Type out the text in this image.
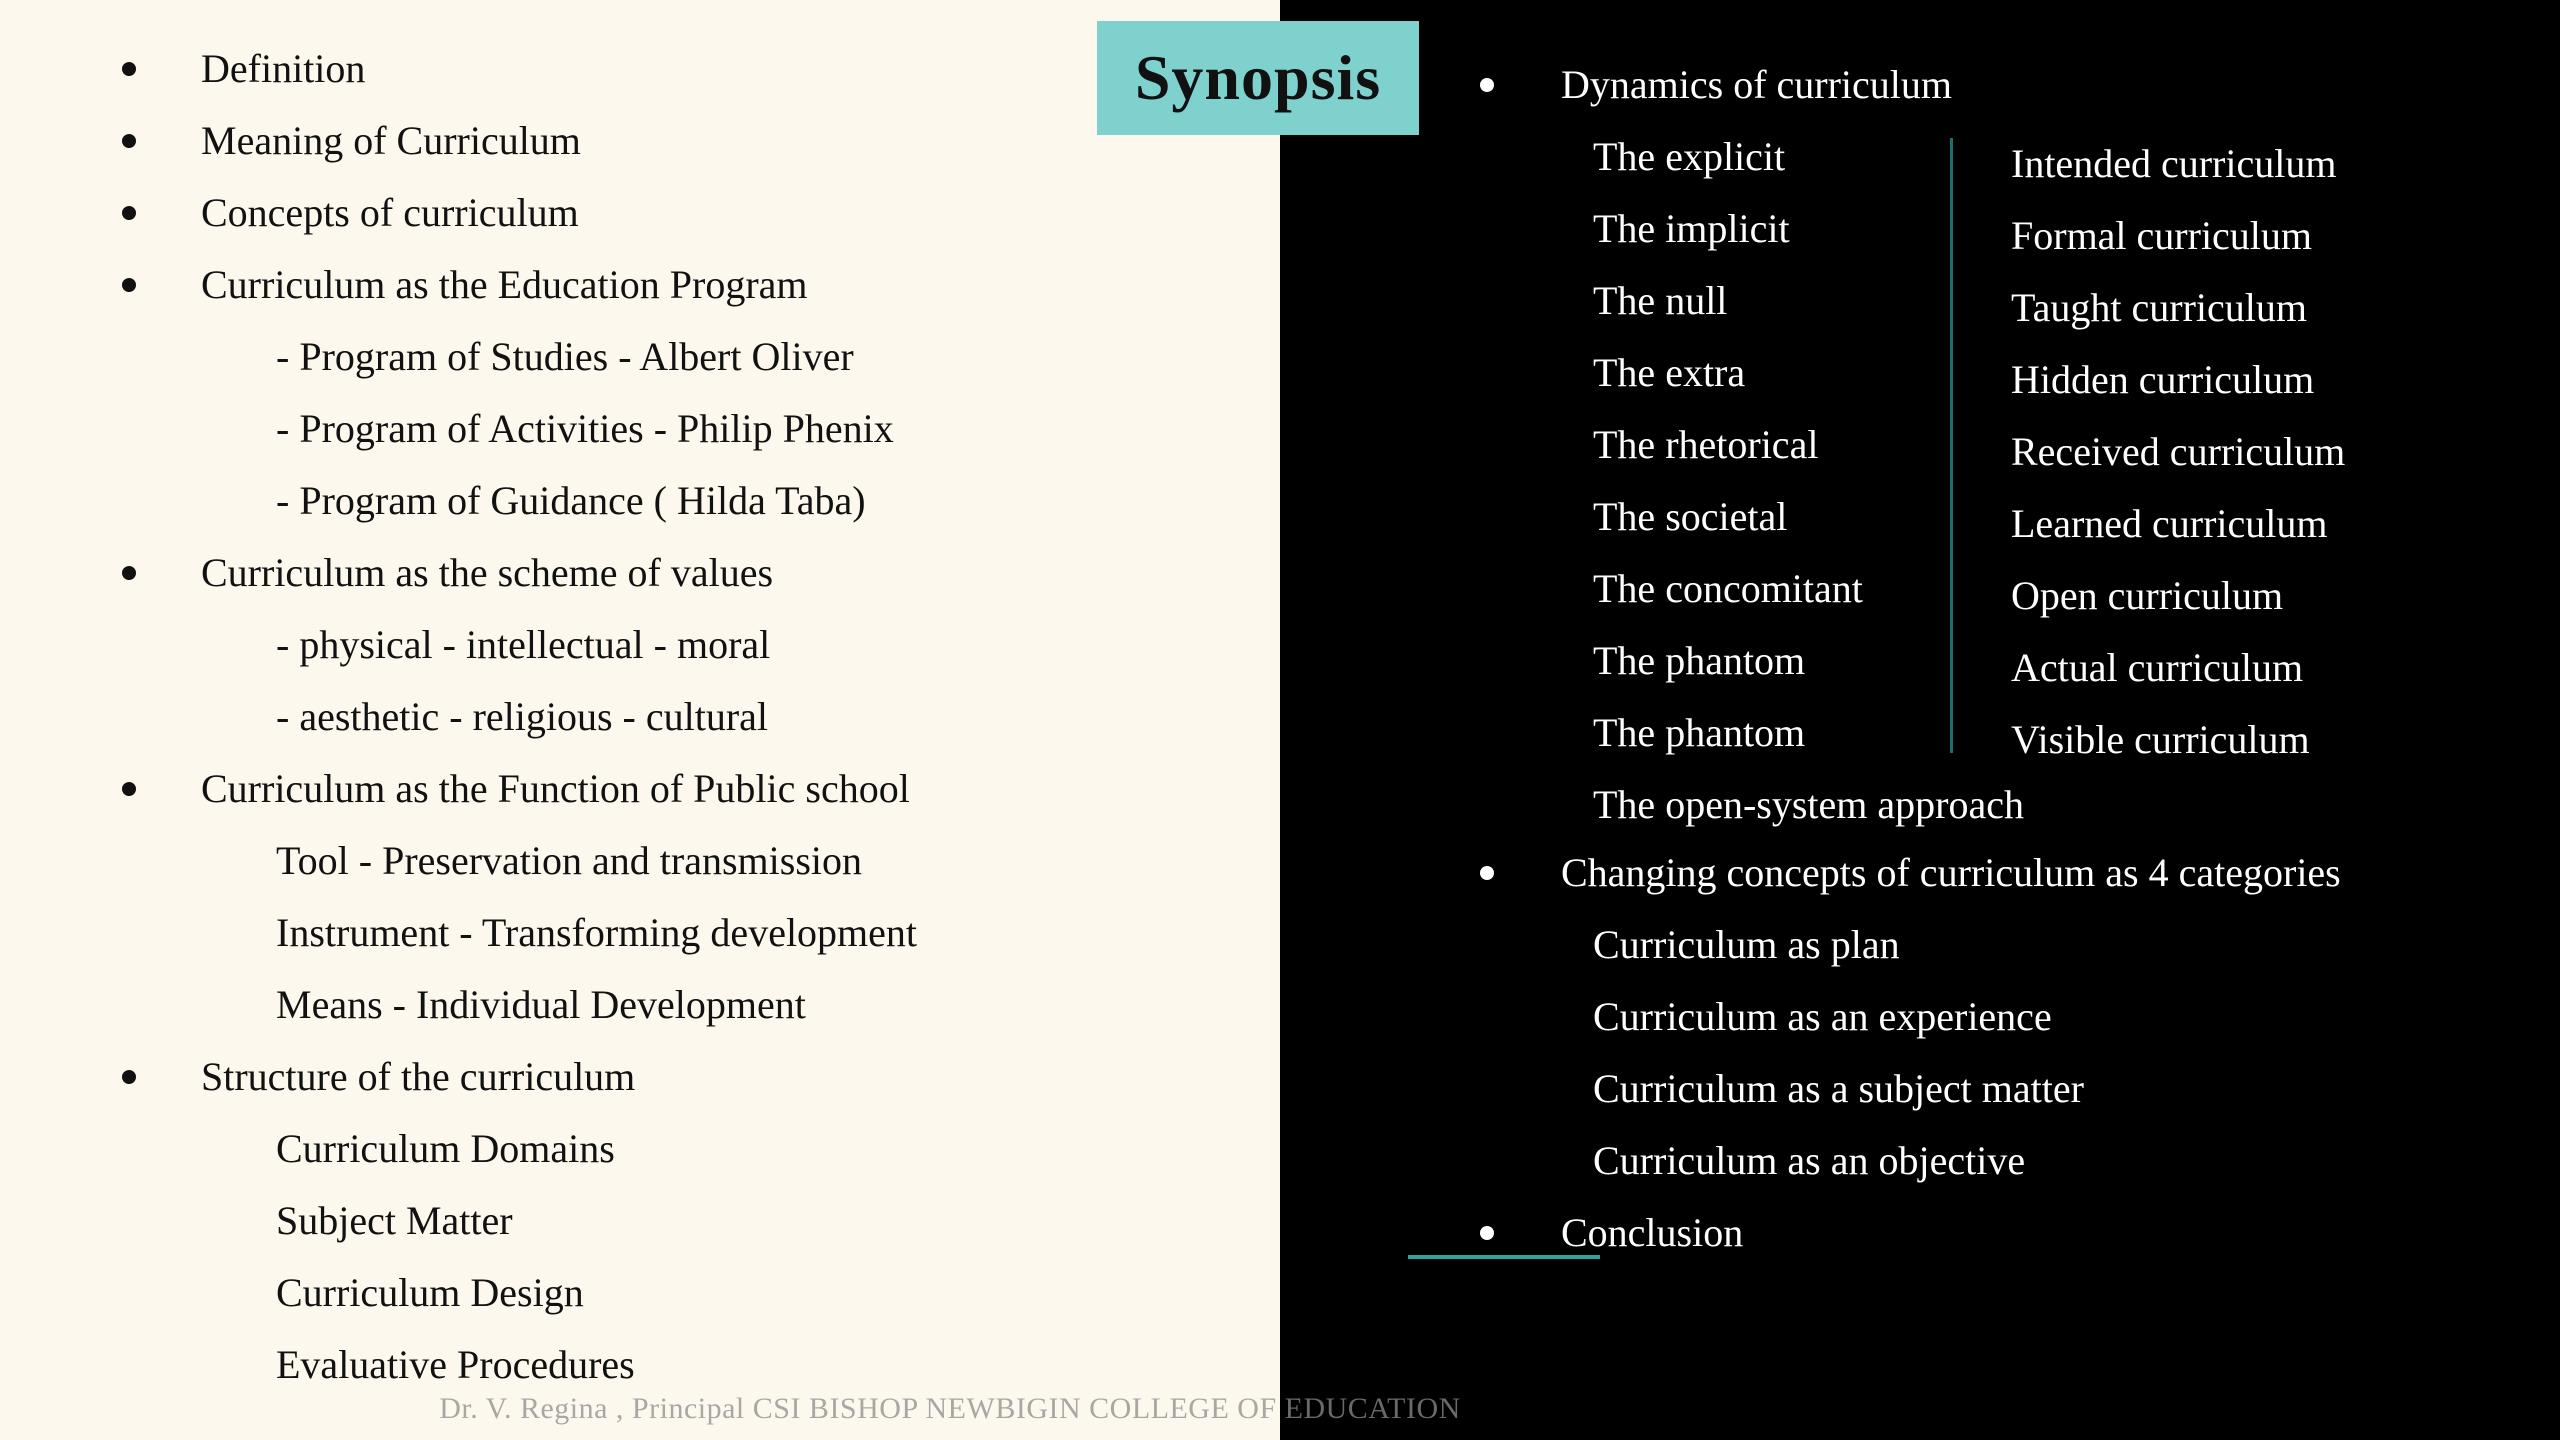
Definition
Meaning of Curriculum
Concepts of curriculum
Curriculum as the Education Program
- Program of Studies - Albert Oliver
- Program of Activities - Philip Phenix
- Program of Guidance ( Hilda Taba)
Curriculum as the scheme of values
- physical - intellectual - moral
- aesthetic - religious - cultural
Curriculum as the Function of Public school
Tool - Preservation and transmission
Instrument - Transforming development
Means - Individual Development
Structure of the curriculum
Curriculum Domains
Subject Matter
Curriculum Design
Evaluative Procedures
Dynamics of curriculum
The explicit
The implicit
The null
The extra
The rhetorical
The societal
The concomitant
The phantom
The phantom
Intended curriculum
Formal curriculum
Taught curriculum
Hidden curriculum
Received curriculum
Learned curriculum
Open curriculum
Actual curriculum
Visible curriculum
The open-system approach
Changing concepts of curriculum as 4 categories
Curriculum as plan
Curriculum as an experience
Curriculum as a subject matter
Curriculum as an objective
Conclusion
Synopsis
Dr. V. Regina , Principal CSI BISHOP NEWBIGIN COLLEGE OF EDUCATION
